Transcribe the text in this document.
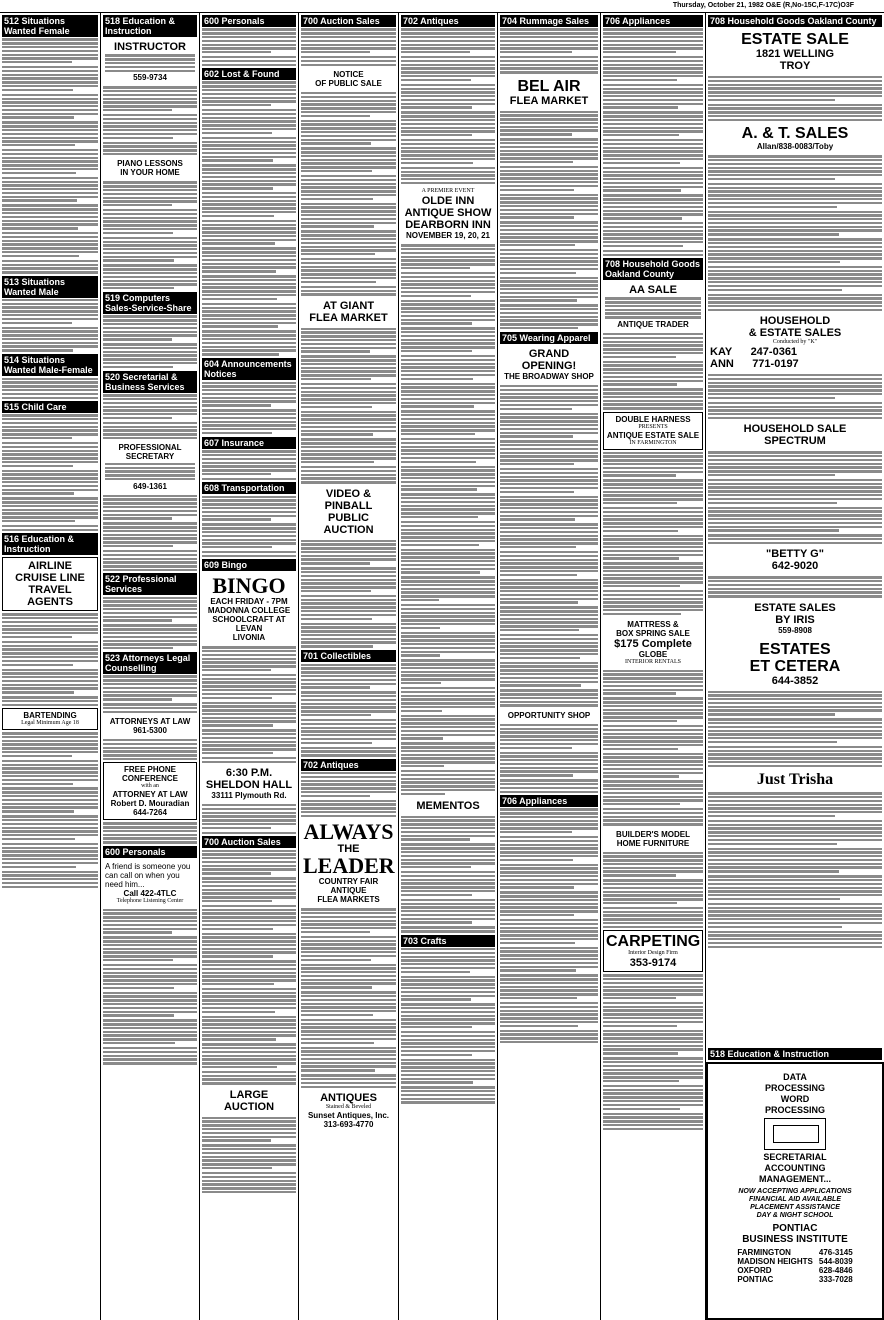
Thursday, October 21, 1982 O&E (R,No-15C,F-17C)O3F
512 Situations Wanted Female
513 Situations Wanted Male
514 Situations Wanted Male-Female
515 Child Care
516 Education & Instruction
AIRLINE
CRUISE LINE
TRAVEL AGENTS
BARTENDING
Legal Minimum Age 18
518 Education & Instruction
INSTRUCTOR
559-9734
PIANO LESSONS
IN YOUR HOME
519 Computers Sales-Service-Share
520 Secretarial & Business Services
PROFESSIONAL
SECRETARY
649-1361
522 Professional Services
523 Attorneys Legal Counselling
ATTORNEYS AT LAW
961-5300
FREE PHONE
CONFERENCE
with an
ATTORNEY AT LAW
Robert D. Mouradian
644-7264
600 Personals
A friend is someone you can call on when you need him...
Call 422-4TLC
Telephone Listening Center
600 Personals
602 Lost & Found
604 Announcements Notices
607 Insurance
608 Transportation
609 Bingo
BINGO
EACH FRIDAY - 7PM
MADONNA COLLEGE
SCHOOLCRAFT AT LEVAN
LIVONIA
6:30 P.M.
SHELDON HALL
33111 Plymouth Rd.
700 Auction Sales
LARGE
AUCTION
700 Auction Sales
NOTICE
OF PUBLIC SALE
AT GIANT
FLEA MARKET
VIDEO & PINBALL
PUBLIC AUCTION
701 Collectibles
702 Antiques
ALWAYS
THE
LEADER
COUNTRY FAIR
ANTIQUE
FLEA MARKETS
ANTIQUES
Stained & Beveled
Sunset Antiques, Inc.
313-693-4770
702 Antiques
A PREMIER EVENT
OLDE INN
ANTIQUE SHOW
DEARBORN INN
NOVEMBER 19, 20, 21
MEMENTOS
703 Crafts
704 Rummage Sales
BEL AIR
FLEA MARKET
705 Wearing Apparel
GRAND OPENING!
THE BROADWAY SHOP
OPPORTUNITY SHOP
706 Appliances
706 Appliances
708 Household Goods Oakland County
AA SALE
ANTIQUE TRADER
DOUBLE HARNESS
PRESENTS
ANTIQUE ESTATE SALE
IN FARMINGTON
MATTRESS &
BOX SPRING SALE
$175 Complete
GLOBE
INTERIOR RENTALS
BUILDER'S MODEL
HOME FURNITURE
CARPETING
Interior Design Firm
353-9174
708 Household Goods Oakland County
ESTATE SALE
1821 WELLING
TROY
A. & T. SALES
Allan/838-0083/Toby
HOUSEHOLD
& ESTATE SALES
Conducted by "K"
KAY 247-0361
ANN 771-0197
HOUSEHOLD SALE
SPECTRUM
"BETTY G"
642-9020
ESTATE SALES
BY IRIS
559-8908
ESTATES
ET CETERA
644-3852
Just Trisha
518 Education & Instruction
DATA
PROCESSING
WORD
PROCESSING
SECRETARIAL
ACCOUNTING
MANAGEMENT...
NOW ACCEPTING APPLICATIONS
FINANCIAL AID AVAILABLE
PLACEMENT ASSISTANCE
DAY & NIGHT SCHOOL
PONTIAC
BUSINESS INSTITUTE
FARMINGTON	476-3145
MADISON HEIGHTS	544-8039
OXFORD	628-4846
PONTIAC	333-7028
